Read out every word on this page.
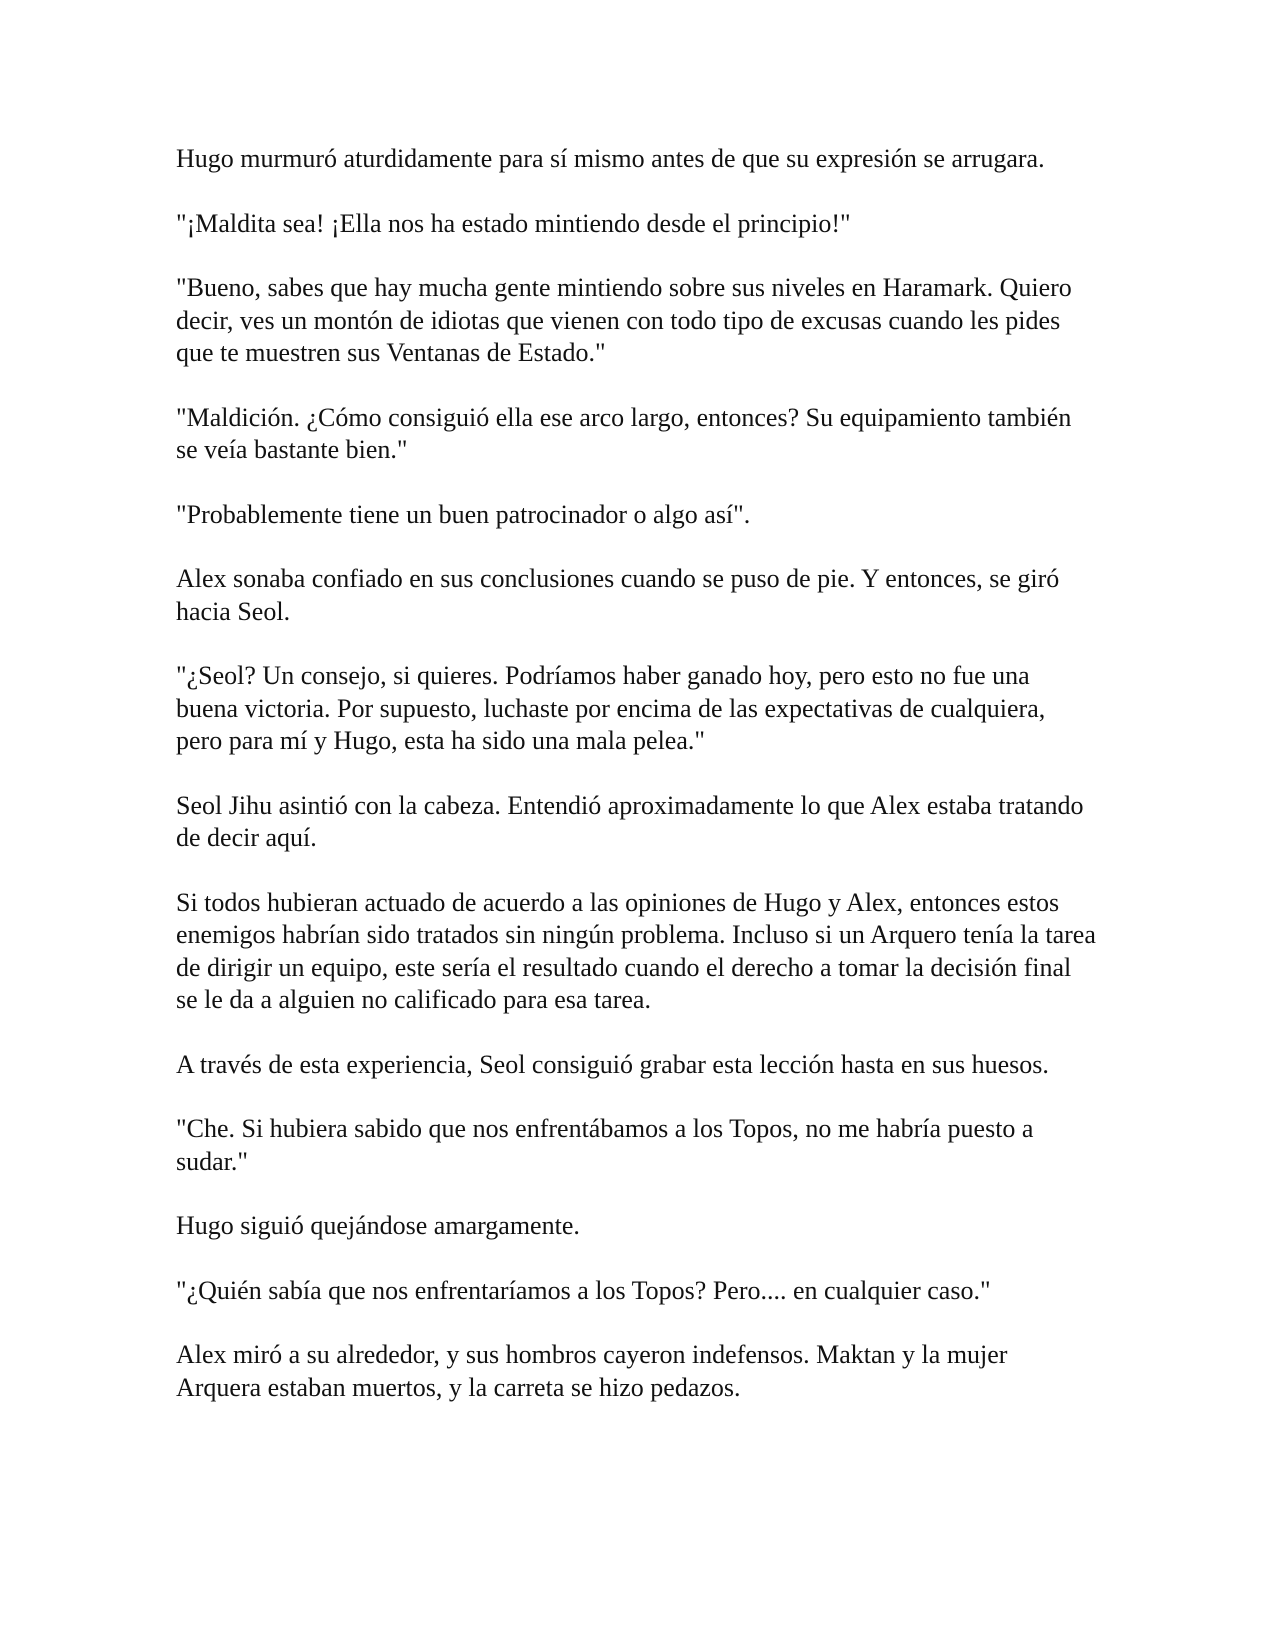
Hugo murmuró aturdidamente para sí mismo antes de que su expresión se arrugara.

"¡Maldita sea! ¡Ella nos ha estado mintiendo desde el principio!"

"Bueno, sabes que hay mucha gente mintiendo sobre sus niveles en Haramark. Quiero decir, ves un montón de idiotas que vienen con todo tipo de excusas cuando les pides que te muestren sus Ventanas de Estado."

"Maldición. ¿Cómo consiguió ella ese arco largo, entonces? Su equipamiento también se veía bastante bien."

"Probablemente tiene un buen patrocinador o algo así".

Alex sonaba confiado en sus conclusiones cuando se puso de pie. Y entonces, se giró hacia Seol.

"¿Seol? Un consejo, si quieres. Podríamos haber ganado hoy, pero esto no fue una buena victoria. Por supuesto, luchaste por encima de las expectativas de cualquiera, pero para mí y Hugo, esta ha sido una mala pelea."

Seol Jihu asintió con la cabeza. Entendió aproximadamente lo que Alex estaba tratando de decir aquí.

Si todos hubieran actuado de acuerdo a las opiniones de Hugo y Alex, entonces estos enemigos habrían sido tratados sin ningún problema. Incluso si un Arquero tenía la tarea de dirigir un equipo, este sería el resultado cuando el derecho a tomar la decisión final se le da a alguien no calificado para esa tarea.

A través de esta experiencia, Seol consiguió grabar esta lección hasta en sus huesos.

"Che. Si hubiera sabido que nos enfrentábamos a los Topos, no me habría puesto a sudar."

Hugo siguió quejándose amargamente.

"¿Quién sabía que nos enfrentaríamos a los Topos? Pero.... en cualquier caso."

Alex miró a su alrededor, y sus hombros cayeron indefensos. Maktan y la mujer Arquera estaban muertos, y la carreta se hizo pedazos.
